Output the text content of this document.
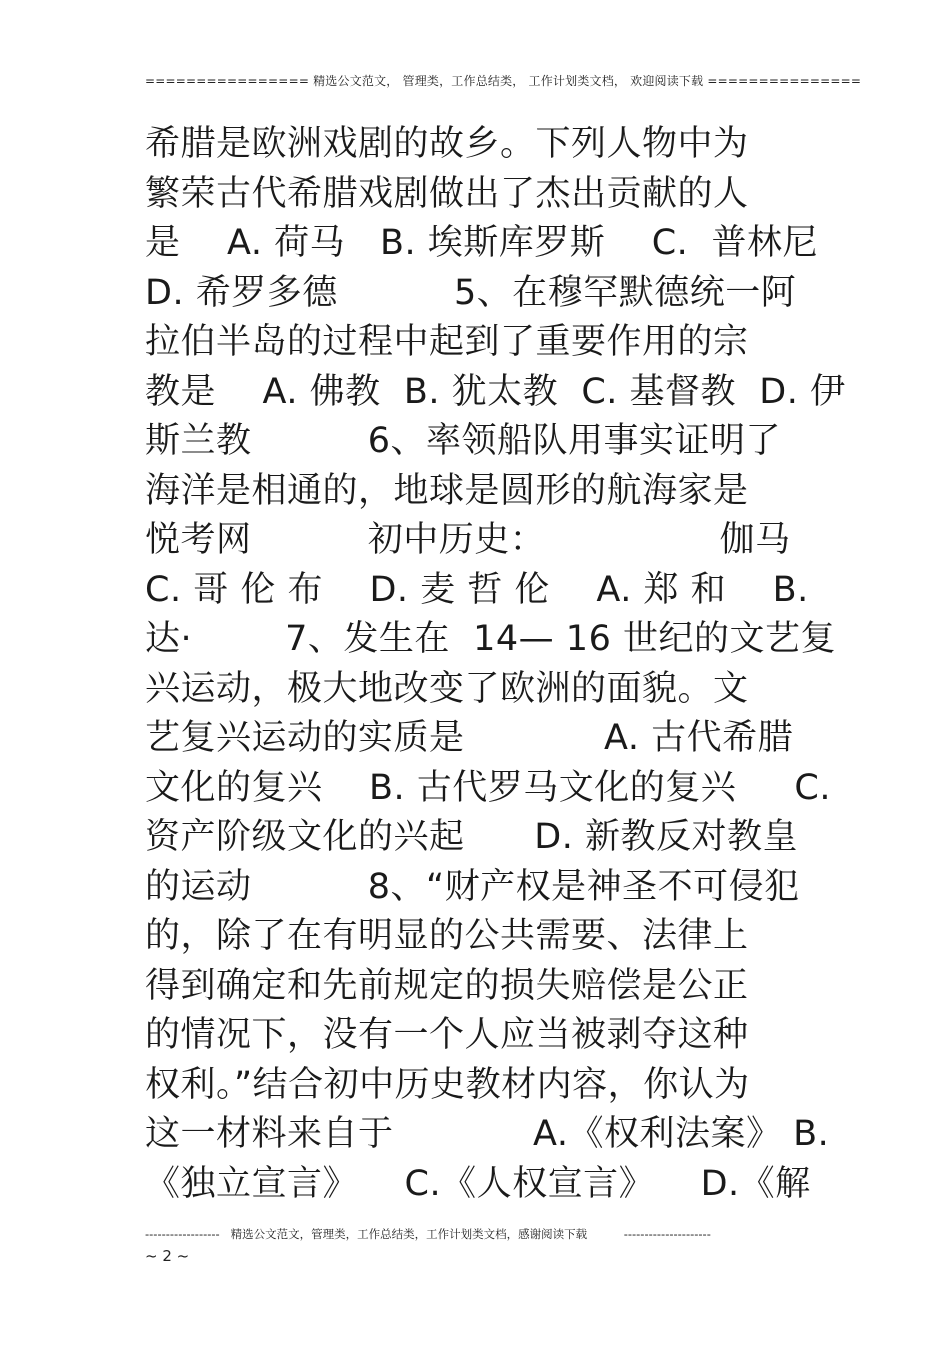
================ 精选公文范文， 管理类，工作总结类， 工作计划类文档， 欢迎阅读下载 ===============
希腊是欧洲戏剧的故乡。下列人物中为
繁荣古代希腊戏剧做出了杰出贡献的人
是    A. 荷马   B. 埃斯库罗斯    C.  普林尼
D. 希罗多德          5、在穆罕默德统一阿
拉伯半岛的过程中起到了重要作用的宗
教是    A. 佛教  B. 犹太教  C. 基督教  D. 伊
斯兰教          6、率领船队用事实证明了
海洋是相通的，地球是圆形的航海家是
悦考网          初中历史：               伽马
C. 哥 伦 布    D. 麦 哲 伦    A. 郑 和    B.
达·        7、发生在  14— 16 世纪的文艺复
兴运动，极大地改变了欧洲的面貌。文
艺复兴运动的实质是            A. 古代希腊
文化的复兴    B. 古代罗马文化的复兴     C.
资产阶级文化的兴起      D. 新教反对教皇
的运动          8、“财产权是神圣不可侵犯
的，除了在有明显的公共需要、法律上
得到确定和先前规定的损失赔偿是公正
的情况下，没有一个人应当被剥夺这种
权利。”结合初中历史教材内容，你认为
这一材料来自于            A.《权利法案》 B.
《独立宣言》    C.《人权宣言》    D.《解
------------------   精选公文范文，管理类，工作总结类，工作计划类文档，感谢阅读下载          ---------------------
~ 2 ~
